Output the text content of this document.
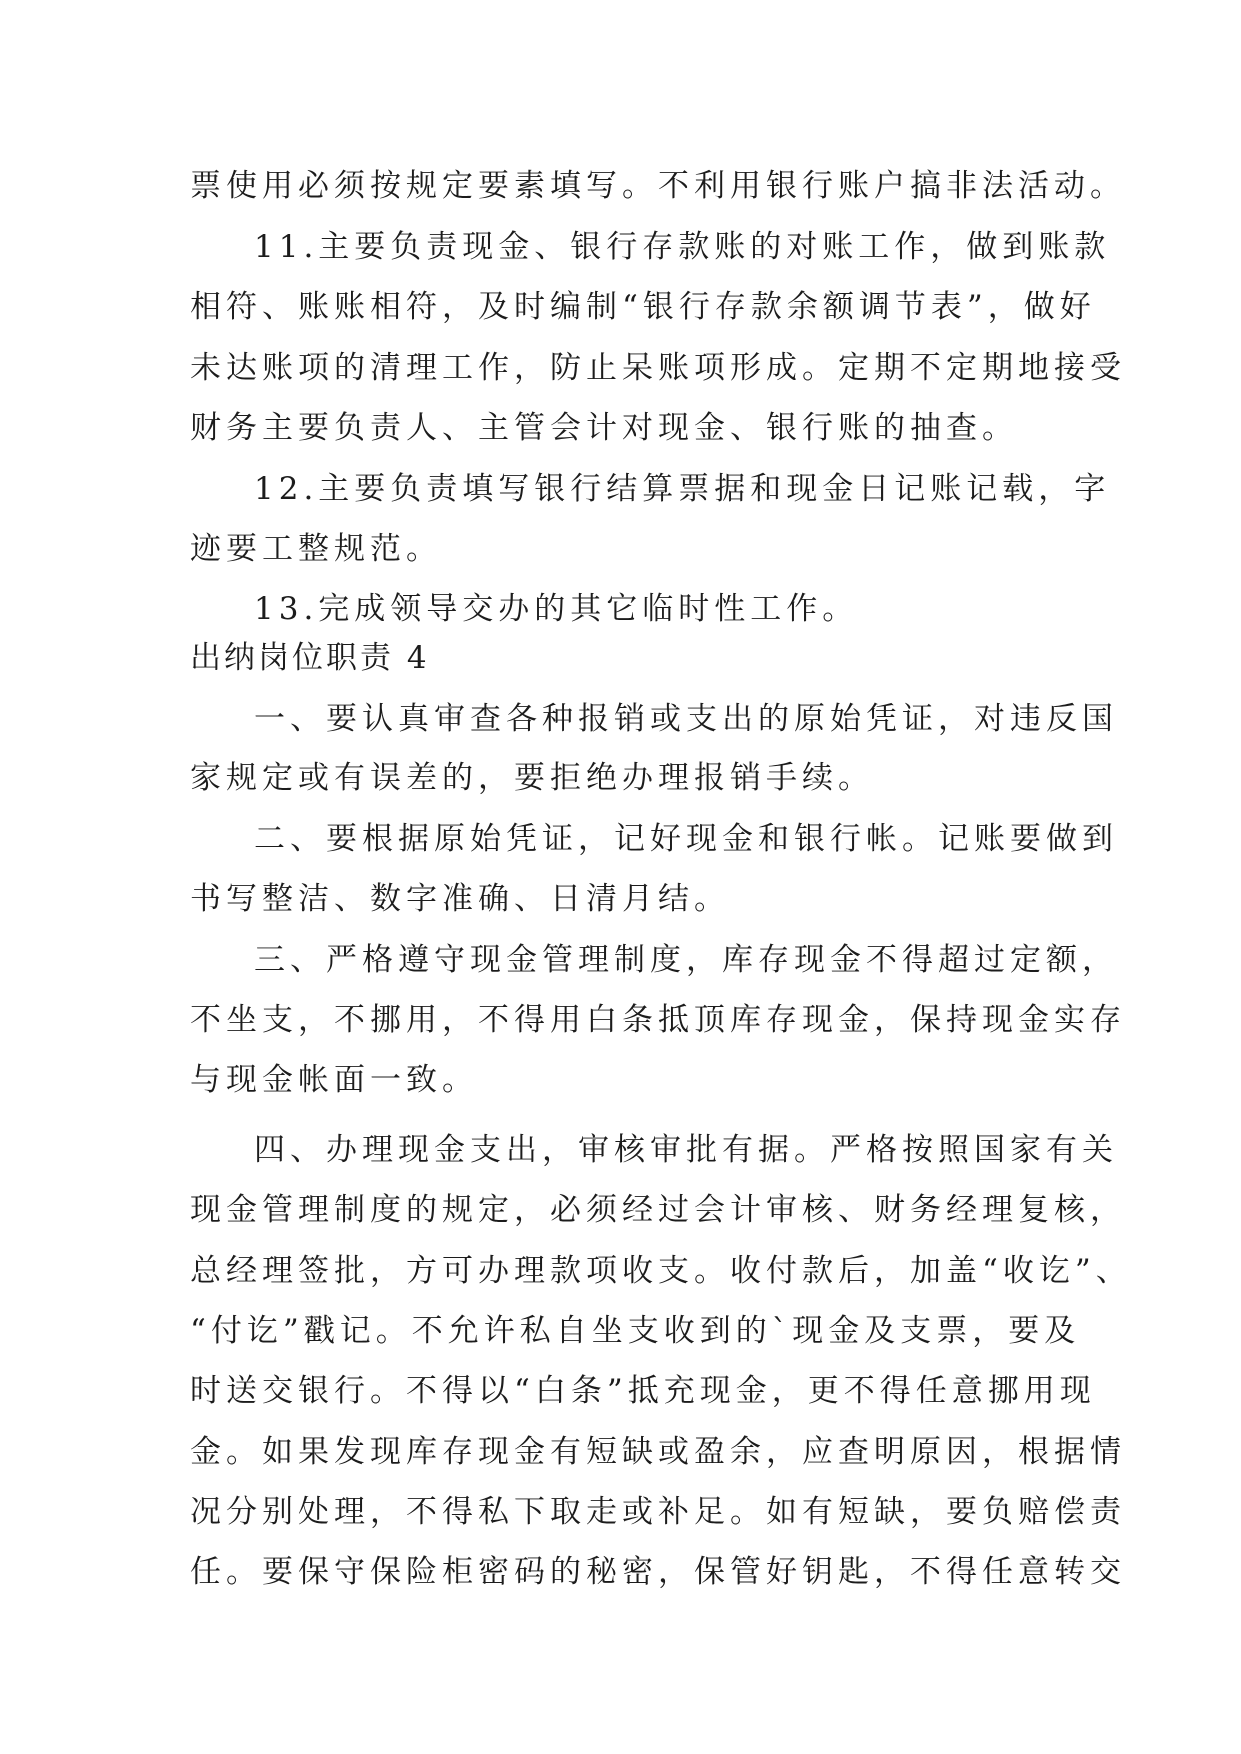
票使用必须按规定要素填写。不利用银行账户搞非法活动。

11.主要负责现金、银行存款账的对账工作，做到账款

相符、账账相符，及时编制“银行存款余额调节表”，做好

未达账项的清理工作，防止呆账项形成。定期不定期地接受

财务主要负责人、主管会计对现金、银行账的抽查。

12.主要负责填写银行结算票据和现金日记账记载，字

迹要工整规范。

13.完成领导交办的其它临时性工作。

出纳岗位职责 4

一、要认真审查各种报销或支出的原始凭证，对违反国

家规定或有误差的，要拒绝办理报销手续。

二、要根据原始凭证，记好现金和银行帐。记账要做到

书写整洁、数字准确、日清月结。

三、严格遵守现金管理制度，库存现金不得超过定额，

不坐支，不挪用，不得用白条抵顶库存现金，保持现金实存

与现金帐面一致。

四、办理现金支出，审核审批有据。严格按照国家有关

现金管理制度的规定，必须经过会计审核、财务经理复核，

总经理签批，方可办理款项收支。收付款后，加盖“收讫”、

“付讫”戳记。不允许私自坐支收到的`现金及支票，要及

时送交银行。不得以“白条”抵充现金，更不得任意挪用现

金。如果发现库存现金有短缺或盈余，应查明原因，根据情

况分别处理，不得私下取走或补足。如有短缺，要负赔偿责

任。要保守保险柜密码的秘密，保管好钥匙，不得任意转交
